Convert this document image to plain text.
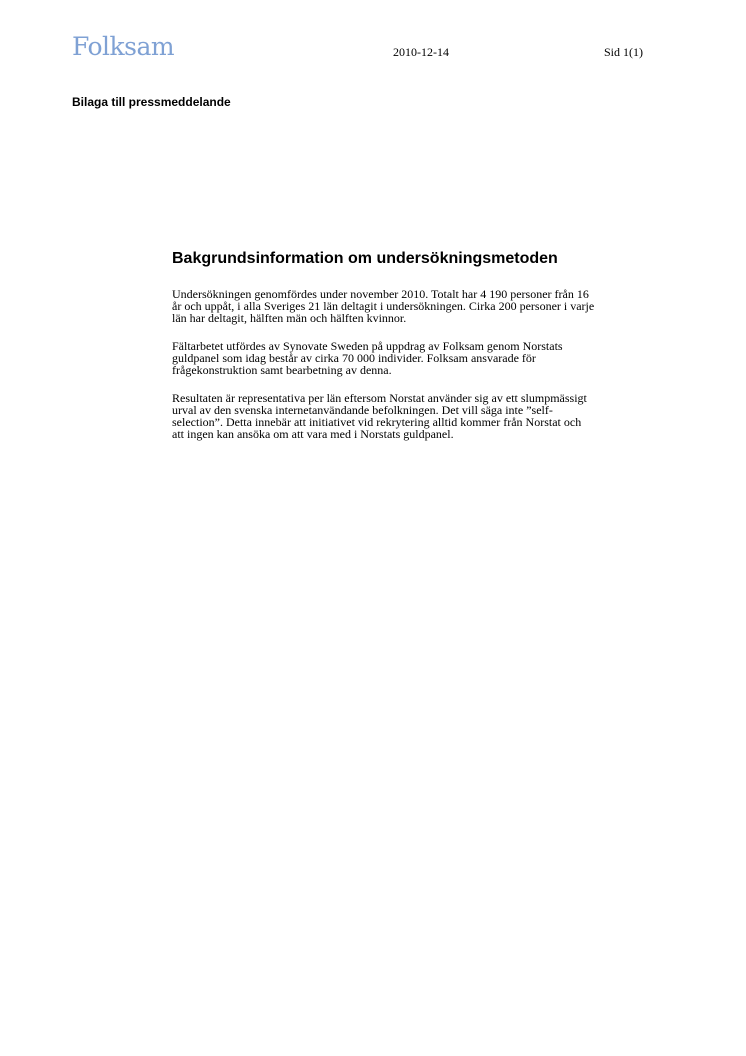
Folksam	2010-12-14	Sid 1(1)
Bilaga till pressmeddelande
Bakgrundsinformation om undersökningsmetoden

Undersökningen genomfördes under november 2010. Totalt har 4 190 personer från 16
år och uppåt, i alla Sveriges 21 län deltagit i undersökningen. Cirka 200 personer i varje
län har deltagit, hälften män och hälften kvinnor.

Fältarbetet utfördes av Synovate Sweden på uppdrag av Folksam genom Norstats
guldpanel som idag består av cirka 70 000 individer. Folksam ansvarade för
frågekonstruktion samt bearbetning av denna.

Resultaten är representativa per län eftersom Norstat använder sig av ett slumpmässigt
urval av den svenska internetanvändande befolkningen. Det vill säga inte ”self-
selection”. Detta innebär att initiativet vid rekrytering alltid kommer från Norstat och
att ingen kan ansöka om att vara med i Norstats guldpanel.
